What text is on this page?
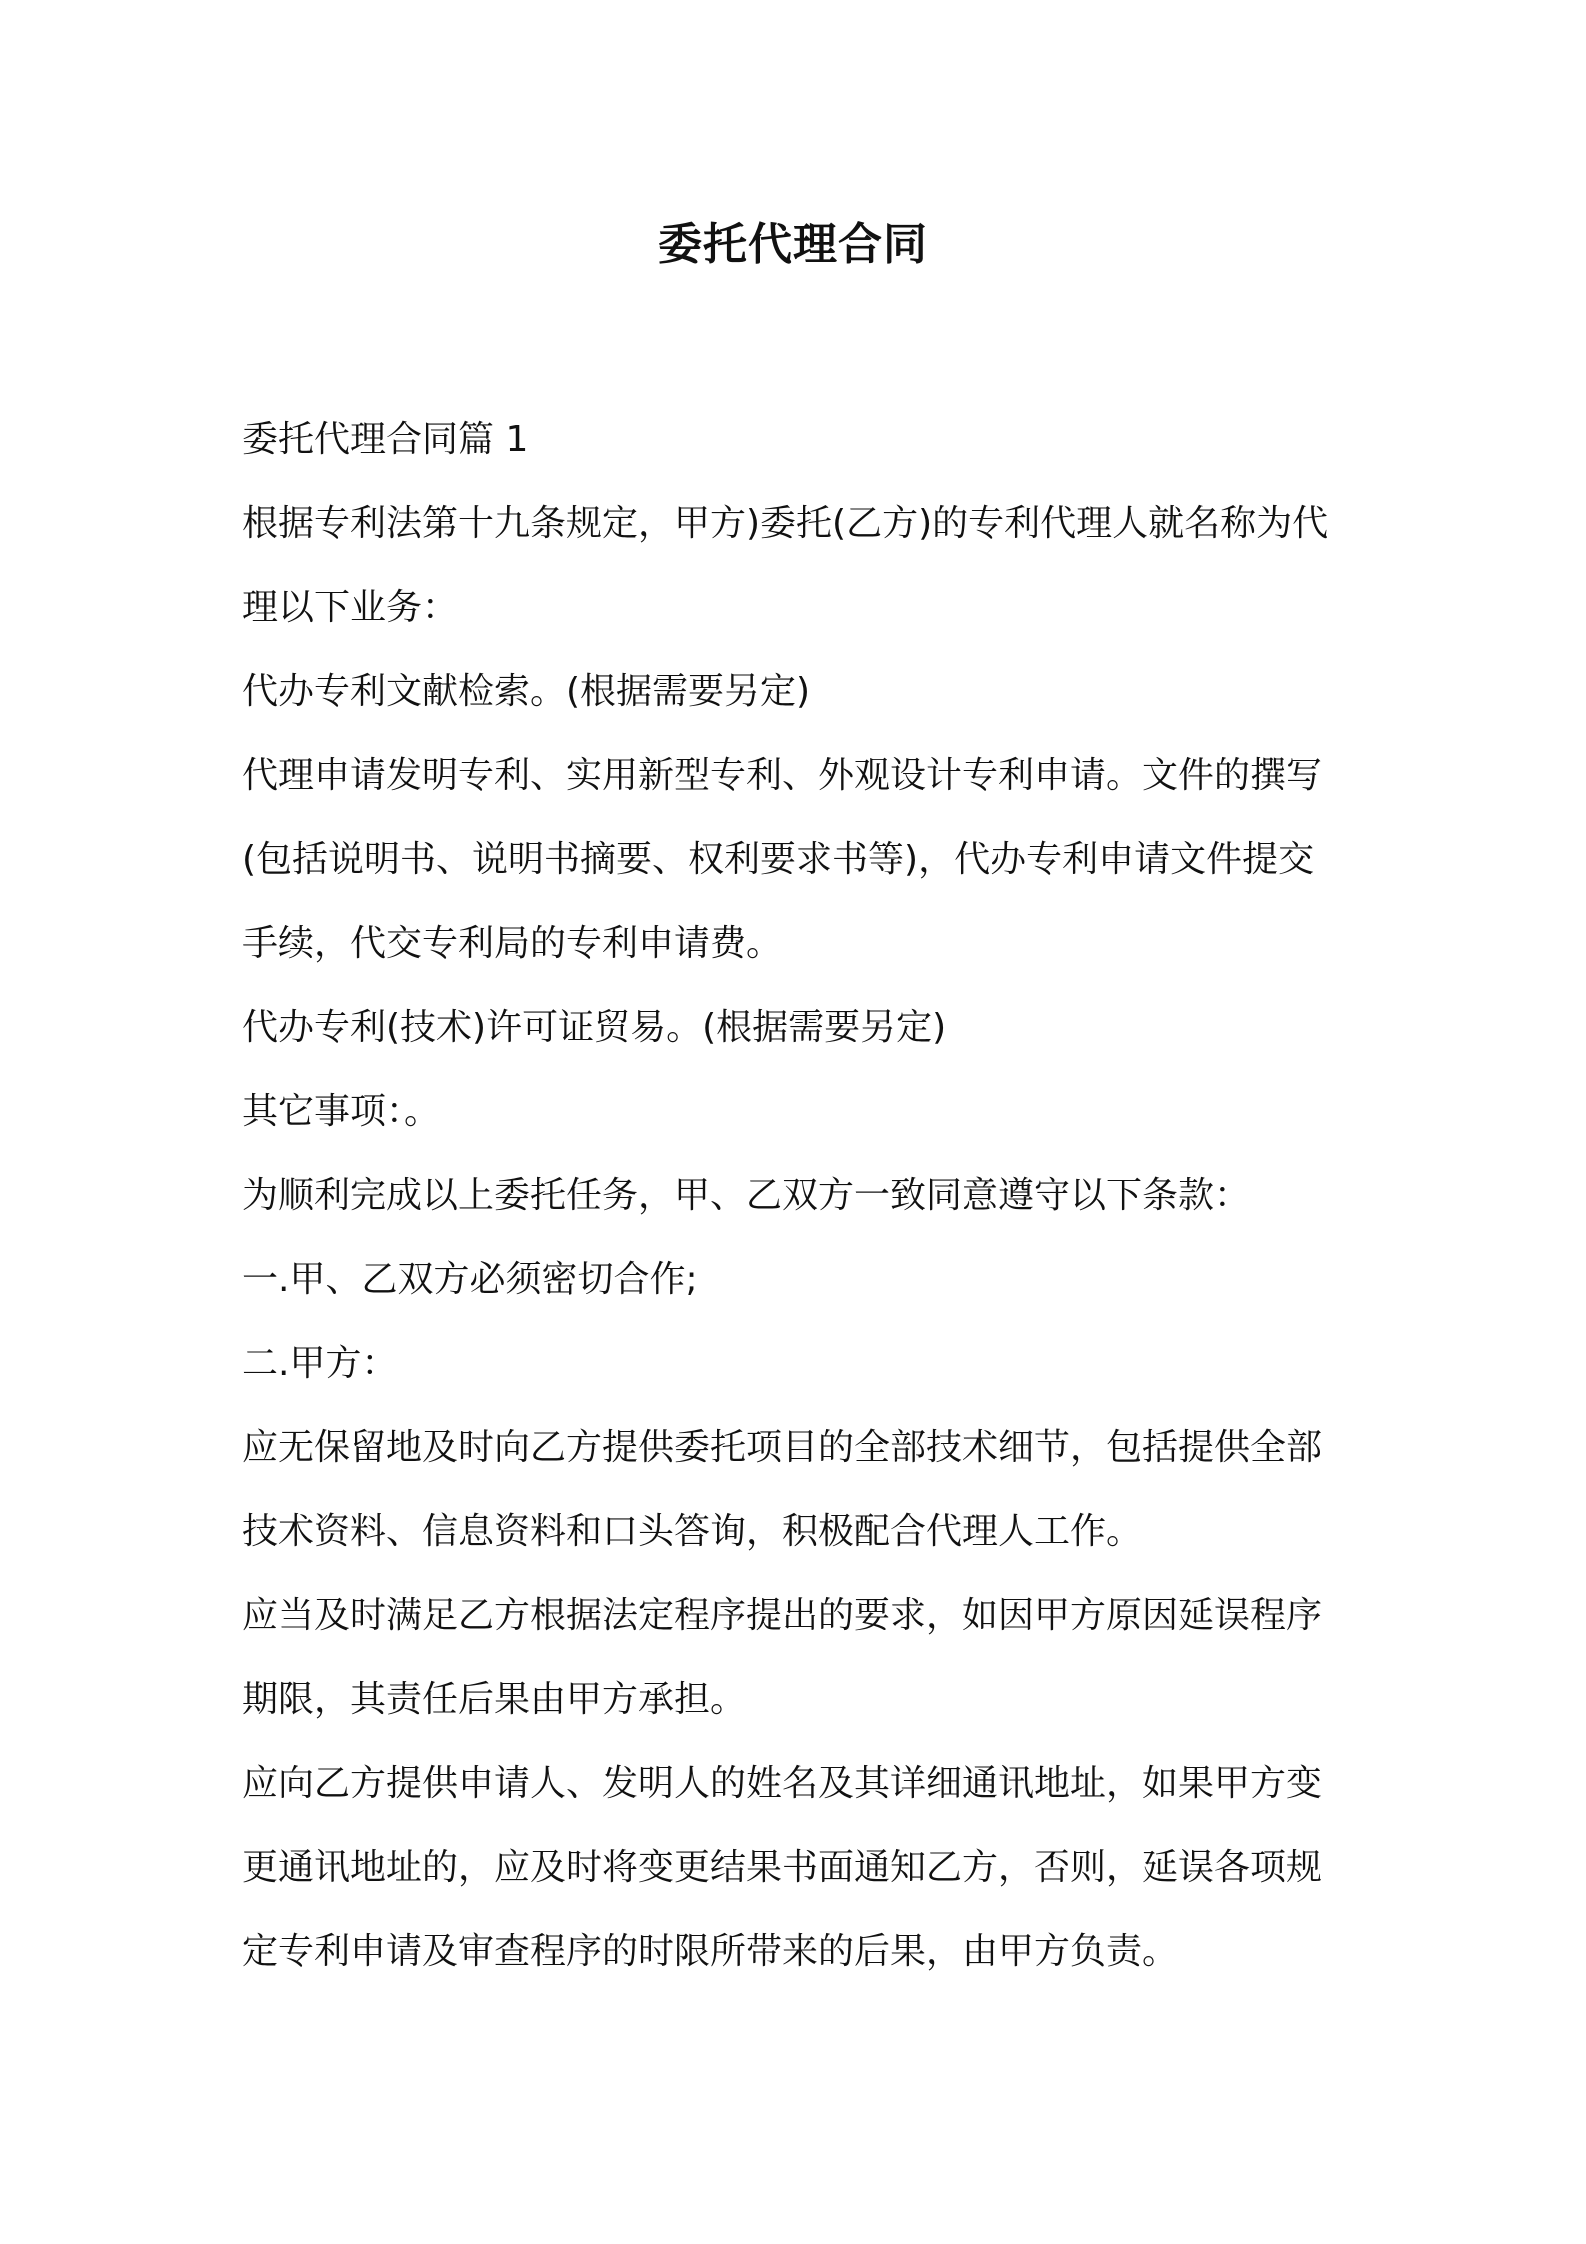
委托代理合同

委托代理合同篇 1

根据专利法第十九条规定，甲方)委托(乙方)的专利代理人就名称为代
理以下业务：

代办专利文献检索。(根据需要另定)

代理申请发明专利、实用新型专利、外观设计专利申请。文件的撰写
(包括说明书、说明书摘要、权利要求书等)，代办专利申请文件提交
手续，代交专利局的专利申请费。

代办专利(技术)许可证贸易。(根据需要另定)

其它事项：。

为顺利完成以上委托任务，甲、乙双方一致同意遵守以下条款：

一.甲、乙双方必须密切合作;

二.甲方：

应无保留地及时向乙方提供委托项目的全部技术细节，包括提供全部
技术资料、信息资料和口头答询，积极配合代理人工作。

应当及时满足乙方根据法定程序提出的要求，如因甲方原因延误程序
期限，其责任后果由甲方承担。

应向乙方提供申请人、发明人的姓名及其详细通讯地址，如果甲方变
更通讯地址的，应及时将变更结果书面通知乙方，否则，延误各项规
定专利申请及审查程序的时限所带来的后果，由甲方负责。
